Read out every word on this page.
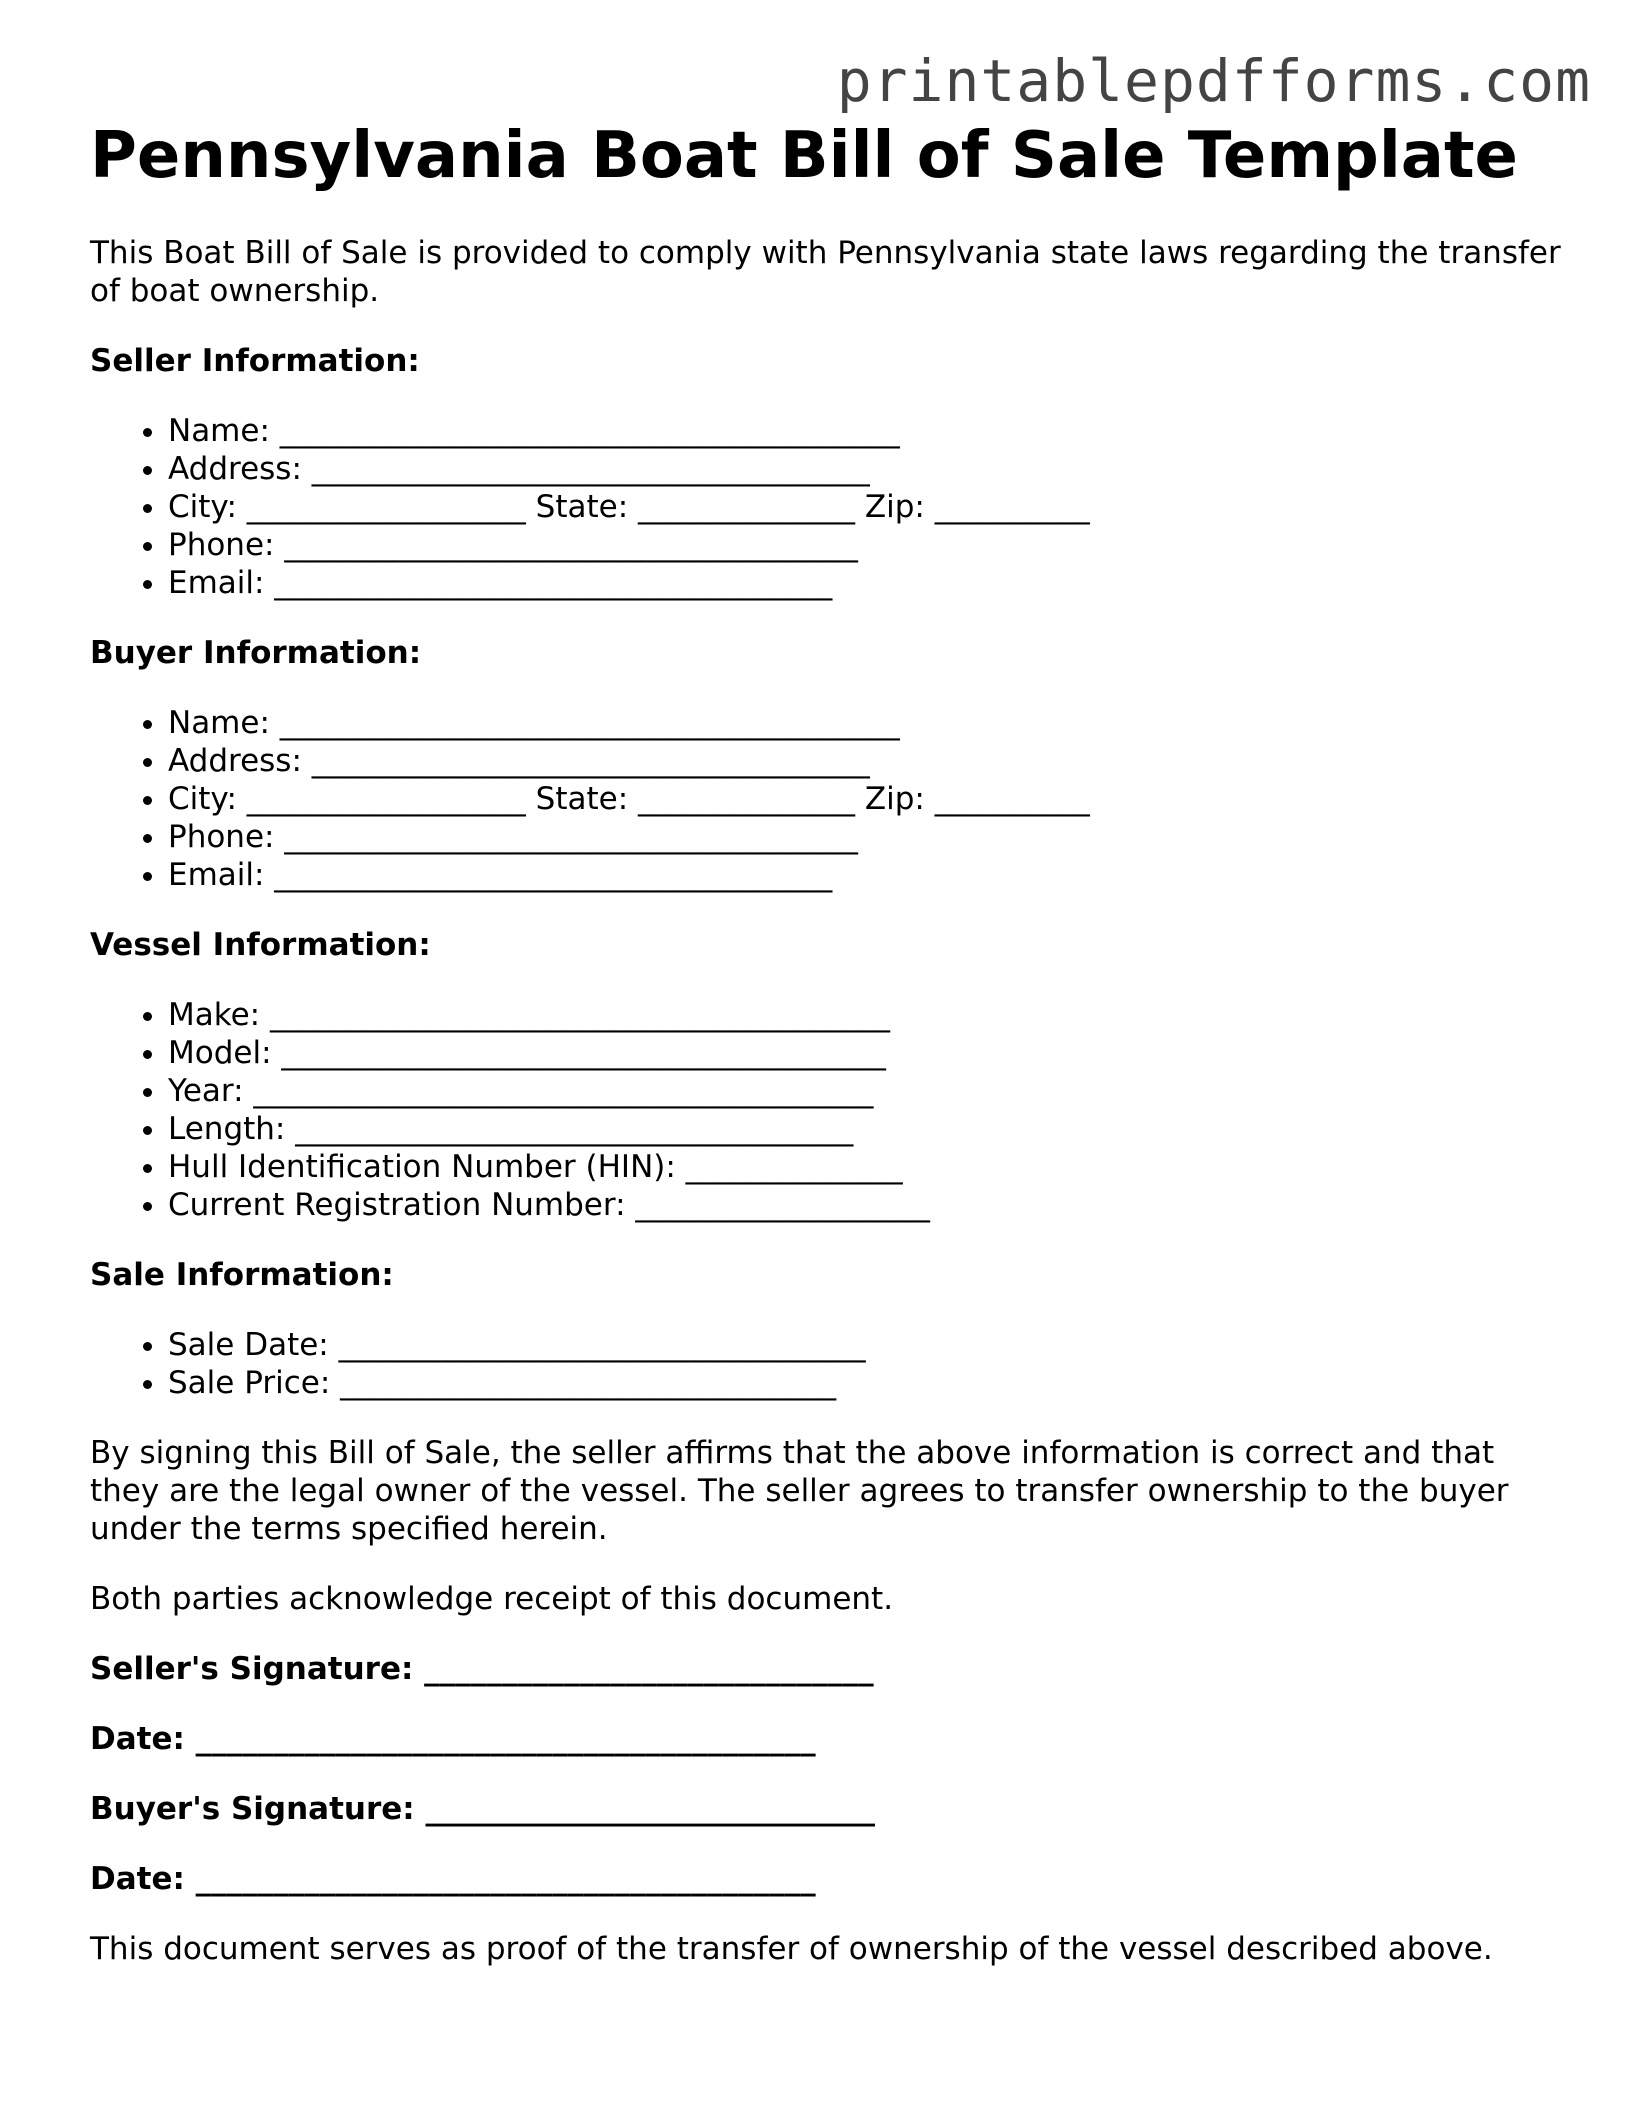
printablepdfforms.com
Pennsylvania Boat Bill of Sale Template

This Boat Bill of Sale is provided to comply with Pennsylvania state laws regarding the transfer of boat ownership.

Seller Information:
• Name: ________________________________________
• Address: ____________________________________
• City: __________________ State: ______________ Zip: __________
• Phone: _____________________________________
• Email: ____________________________________
Buyer Information:
• Name: ________________________________________
• Address: ____________________________________
• City: __________________ State: ______________ Zip: __________
• Phone: _____________________________________
• Email: ____________________________________
Vessel Information:
• Make: ________________________________________
• Model: _______________________________________
• Year: ________________________________________
• Length: ____________________________________
• Hull Identification Number (HIN): ______________
• Current Registration Number: ___________________
Sale Information:
• Sale Date: __________________________________
• Sale Price: ________________________________

By signing this Bill of Sale, the seller affirms that the above information is correct and that they are the legal owner of the vessel. The seller agrees to transfer ownership to the buyer under the terms specified herein.

Both parties acknowledge receipt of this document.

Seller's Signature: _____________________________
Date: ________________________________________
Buyer's Signature: _____________________________
Date: ________________________________________

This document serves as proof of the transfer of ownership of the vessel described above.
